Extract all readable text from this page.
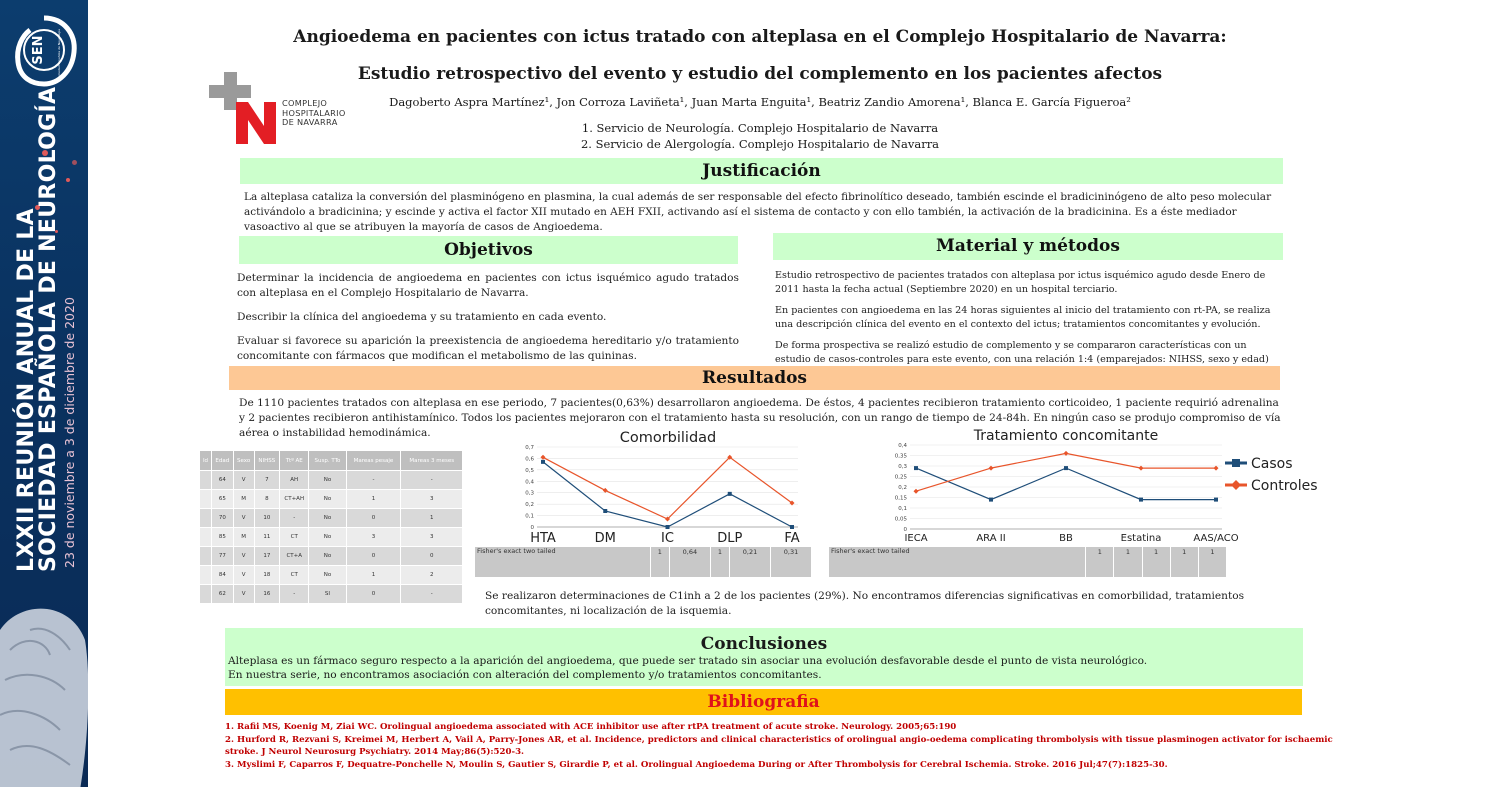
SEN	Sociedad Española de Neurología
LXXII REUNIÓN ANUAL DE LA
SOCIEDAD ESPAÑOLA DE NEUROLOGÍA 23 de noviembre a 3 de diciembre de 2020
Angioedema en pacientes con ictus tratado con alteplasa en el Complejo Hospitalario de Navarra:
Estudio retrospectivo del evento y estudio del complemento en los pacientes afectos
Dagoberto Aspra Martínez¹, Jon Corroza Laviñeta¹, Juan Marta Enguita¹, Beatriz Zandio Amorena¹, Blanca E. García Figueroa²
1. Servicio de Neurología. Complejo Hospitalario de Navarra
2. Servicio de Alergología. Complejo Hospitalario de Navarra
COMPLEJO
HOSPITALARIO
DE NAVARRA
Justificación
La alteplasa cataliza la conversión del plasminógeno en plasmina, la cual además de ser responsable del efecto fibrinolítico deseado, también escinde el bradicininógeno de alto peso molecular activándolo a bradicinina; y escinde y activa el factor XII mutado en AEH FXII, activando así el sistema de contacto y con ello también, la activación de la bradicinina. Es a éste mediador vasoactivo al que se atribuyen la mayoría de casos de Angioedema.
Objetivos

Determinar la incidencia de angioedema en pacientes con ictus isquémico agudo tratados con alteplasa en el Complejo Hospitalario de Navarra.

Describir la clínica del angioedema y su tratamiento en cada evento.

Evaluar si favorece su aparición la preexistencia de angioedema hereditario y/o tratamiento concomitante con fármacos que modifican el metabolismo de las quininas.

Material y métodos

Estudio retrospectivo de pacientes tratados con alteplasa por ictus isquémico agudo desde Enero de 2011 hasta la fecha actual (Septiembre 2020) en un hospital terciario.

En pacientes con angioedema en las 24 horas siguientes al inicio del tratamiento con rt-PA, se realiza una descripción clínica del evento en el contexto del ictus; tratamientos concomitantes y evolución.

De forma prospectiva se realizó estudio de complemento y se compararon características con un estudio de casos-controles para este evento, con una relación 1:4 (emparejados: NIHSS, sexo y edad)

Resultados
De 1110 pacientes tratados con alteplasa en ese periodo, 7 pacientes(0,63%) desarrollaron angioedema. De éstos, 4 pacientes recibieron tratamiento corticoideo, 1 paciente requirió adrenalina y 2 pacientes recibieron antihistamínico. Todos los pacientes mejoraron con el tratamiento hasta su resolución, con un rango de tiempo de 24-84h. En ningún caso se produjo compromiso de vía aérea o instabilidad hemodinámica.
Id	Edad	Sexo	NIHSS	Ttº AE	Susp. TTo	Mareas pesaje	Mareas 3 meses
	64	V	7	AH	No	-	-
	65	M	8	CT+AH	No	1	3
	70	V	10	-	No	0	1
	85	M	11	CT	No	3	3
	77	V	17	CT+A	No	0	0
	84	V	18	CT	No	1	2
	62	V	16	-	SI	0	-
Comorbilidad
0
0,1
0,2
0,3
0,4
0,5
0,6
0,7
HTA	DM	IC	DLP	FA
Fisher's exact two tailed	1	0,64	1	0,21	0,31
Tratamiento concomitante
0
0,05
0,1
0,15
0,2
0,25
0,3
0,35
0,4
IECA	ARA II	BB	Estatina	AAS/ACO
Casos
Controles
Fisher's exact two tailed	1	1	1	1	1
Se realizaron determinaciones de C1inh a 2 de los pacientes (29%). No encontramos diferencias significativas en comorbilidad, tratamientos concomitantes, ni localización de la isquemia.
Conclusiones
Alteplasa es un fármaco seguro respecto a la aparición del angioedema, que puede ser tratado sin asociar una evolución desfavorable desde el punto de vista neurológico.
En nuestra serie, no encontramos asociación con alteración del complemento y/o tratamientos concomitantes.
Bibliografia
1. Rafii MS, Koenig M, Ziai WC. Orolingual angioedema associated with ACE inhibitor use after rtPA treatment of acute stroke. Neurology. 2005;65:190
2. Hurford R, Rezvani S, Kreimei M, Herbert A, Vail A, Parry-Jones AR, et al. Incidence, predictors and clinical characteristics of orolingual angio-oedema complicating thrombolysis with tissue plasminogen activator for ischaemic stroke. J Neurol Neurosurg Psychiatry. 2014 May;86(5):520-3.
3. Myslimi F, Caparros F, Dequatre-Ponchelle N, Moulin S, Gautier S, Girardie P, et al. Orolingual Angioedema During or After Thrombolysis for Cerebral Ischemia. Stroke. 2016 Jul;47(7):1825-30.
